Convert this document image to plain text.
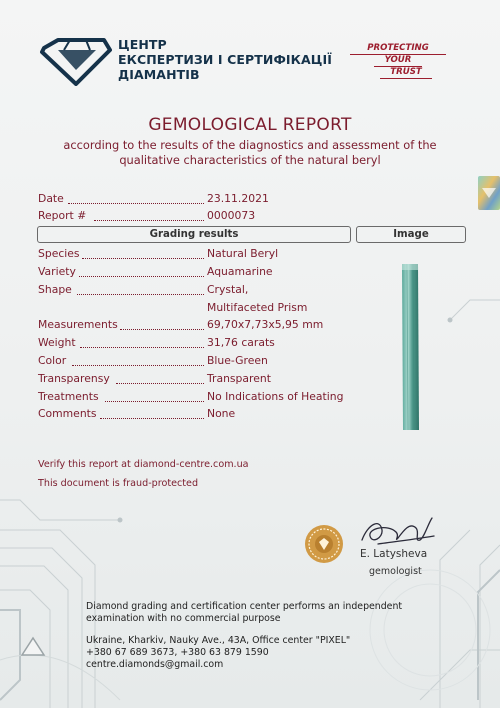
ЦЕНТР
ЕКСПЕРТИЗИ І СЕРТИФІКАЦІЇ
ДІАМАНТІВ
PROTECTING
YOUR
TRUST
GEMOLOGICAL REPORT
according to the results of the diagnostics and assessment of the
qualitative characteristics of the natural beryl
Date	23.11.2021
Report #	0000073
Grading results	Image
Species	Natural Beryl
Variety	Aquamarine
Shape	Crystal,
Multifaceted Prism
Measurements	69,70x7,73x5,95 mm
Weight	31,76 carats
Color	Blue-Green
Transparensy	Transparent
Treatments	No Indications of Heating
Comments	None
Verify this report at diamond-centre.com.ua
This document is fraud-protected
E. Latysheva
gemologist

Diamond grading and certification center performs an independent

examination with no commercial purpose

Ukraine, Kharkiv, Nauky Ave., 43A, Office center "PIXEL"

+380 67 689 3673, +380 63 879 1590

centre.diamonds@gmail.com
